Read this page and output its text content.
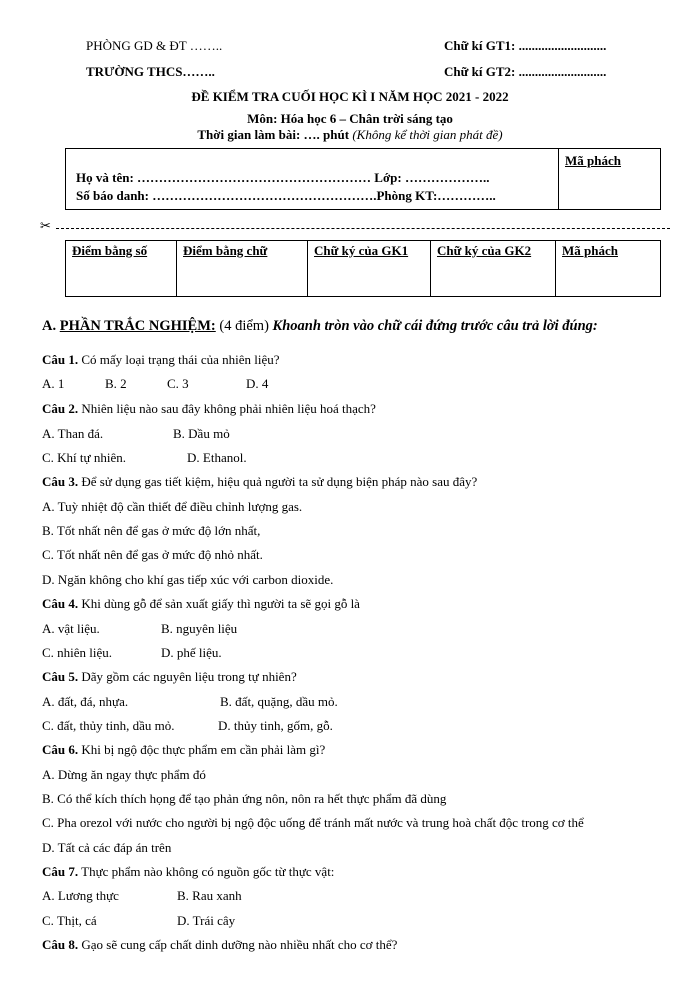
PHÒNG GD & ĐT ……..
TRƯỜNG THCS……..
Chữ kí GT1: ...........................
Chữ kí GT2: ...........................
ĐỀ KIỂM TRA CUỐI HỌC KÌ I NĂM HỌC 2021 - 2022
Môn: Hóa học 6 – Chân trời sáng tạo
Thời gian làm bài: …. phút (Không kể thời gian phát đề)
Họ và tên: ……………………………………………… Lớp: ………………..
Số báo danh: …………………………………………….Phòng KT:…………..
Mã phách
✂
Điểm bằng số	Điểm bằng chữ	Chữ ký của GK1	Chữ ký của GK2	Mã phách
A. PHẦN TRẮC NGHIỆM: (4 điểm) Khoanh tròn vào chữ cái đứng trước câu trả lời đúng:
Câu 1. Có mấy loại trạng thái của nhiên liệu?
A. 1	B. 2	C. 3	D. 4
Câu 2. Nhiên liệu nào sau đây không phải nhiên liệu hoá thạch?
A. Than đá.	B. Dầu mỏ
C. Khí tự nhiên.	D. Ethanol.
Câu 3. Để sử dụng gas tiết kiệm, hiệu quả người ta sử dụng biện pháp nào sau đây?
A. Tuỳ nhiệt độ cần thiết để điều chỉnh lượng gas.
B. Tốt nhất nên để gas ở mức độ lớn nhất,
C. Tốt nhất nên để gas ở mức độ nhỏ nhất.
D. Ngăn không cho khí gas tiếp xúc với carbon dioxide.
Câu 4. Khi dùng gỗ để sản xuất giấy thì người ta sẽ gọi gỗ là
A. vật liệu.	B. nguyên liệu
C. nhiên liệu.	D. phế liệu.
Câu 5. Dãy gồm các nguyên liệu trong tự nhiên?
A. đất, đá, nhựa.	B. đất, quặng, dầu mỏ.
C. đất, thủy tinh, dầu mỏ.	D. thủy tinh, gốm, gỗ.
Câu 6. Khi bị ngộ độc thực phẩm em cần phải làm gì?
A. Dừng ăn ngay thực phẩm đó
B. Có thể kích thích họng để tạo phản ứng nôn, nôn ra hết thực phẩm đã dùng
C. Pha orezol với nước cho người bị ngộ độc uống để tránh mất nước và trung hoà chất độc trong cơ thể
D. Tất cả các đáp án trên
Câu 7. Thực phẩm nào không có nguồn gốc từ thực vật:
A. Lương thực	B. Rau xanh
C. Thịt, cá	D. Trái cây
Câu 8. Gạo sẽ cung cấp chất dinh dưỡng nào nhiều nhất cho cơ thể?
